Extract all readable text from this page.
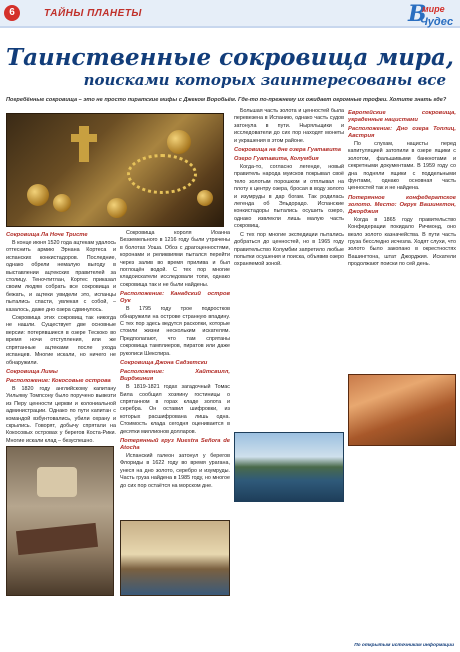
6	ТАЙНЫ ПЛАНЕТЫ	В
мире
Чудес
Таинственные сокровища мира,
поисками которых заинтересованы все
Погребённые сокровища – это не просто пиратские мифы с Джеком Воробьём. Где-то по-прежнему их ожидает огромные трофеи. Хотите знать где?
Сокровища Ла Ноче Тристе

В конце июня 1520 года ацтекам удалось оттеснить армию Эрнана Кортеса и испанских конкистадоров. Последние, однако обрели немалую выгоду в выставлении ацтекских правителей за столицу. Теночтитлан, Кортес приказал своим людям собрать все сокровища и бежать, и ацтеки увидели это, испанцы пытались спасти, увлекая с собой, – казалось, даже дно озера сдвинулось.

Сокровища этих сокровищ так никогда не нашли. Существует две основные версии: потерявшиеся в озере Тескоко во время ночи отступления, или же спрятанные ацтеками после ухода испанцев. Многие искали, но ничего не обнаружили.

Сокровища Лимы
Расположение: Кокосовые острова

В 1820 году английскому капитану Уильяму Томпсону было поручено вывезти из Перу ценности церкви и колониальной администрации. Однако по пути капитан с командой взбунтовались, убили охрану и скрылись. Говорят, добычу спрятали на Кокосовых островах у берегов Коста-Рики. Многие искали клад – безуспешно.

Сокровища короля Иоанна Безземельного в 1216 году были утрачены в болотах Уоша. Обоз с драгоценностями, коронами и реликвиями пытался перейти через залив во время прилива и был поглощён водой. С тех пор многие кладоискатели исследовали топи, однако сокровища так и не были найдены.

Расположение: Канадский остров Оук

В 1795 году трое подростков обнаружили на острове странную впадину. С тех пор здесь ведутся раскопки, которые стоили жизни нескольким искателям. Предполагают, что там спрятаны сокровища тамплиеров, пиратов или даже рукописи Шекспира.

Сокровища Джона Садзетски
Расположение: Хайтсвилл, Вирджиния

В 1819-1821 годах загадочный Томас Била сообщил хозяину гостиницы о спрятанном в горах кладе золота и серебра. Он оставил шифровки, из которых расшифрована лишь одна. Стоимость клада сегодня оценивается в десятки миллионов долларов.

Потерянный груз Nuestra Señora de Atocha

Испанский галеон затонул у берегов Флориды в 1622 году во время урагана, унеся на дно золото, серебро и изумруды. Часть груза найдена в 1985 году, но многое до сих пор остаётся на морском дне.

Большая часть золота и ценностей была перевезена в Испанию, однако часть судов затонула в пути. Ныряльщики и исследователи до сих пор находят монеты и украшения в этом районе.

Сокровища на дне озера Гуатавита
Озеро Гуатавита, Колумбия

Когда-то, согласно легенде, новый правитель народа муисков покрывал своё тело золотым порошком и отплывал на плоту к центру озера, бросая в воду золото и изумруды в дар богам. Так родилась легенда об Эльдорадо. Испанские конкистадоры пытались осушить озеро, однако извлекли лишь малую часть сокровищ.

С тех пор многие экспедиции пытались добраться до ценностей, но в 1965 году правительство Колумбии запретило любые попытки осушения и поиска, объявив озеро охраняемой зоной.

Европейские сокровища, украденные нацистами
Расположение: Дно озера Топлиц, Австрия

По слухам, нацисты перед капитуляцией затопили в озере ящики с золотом, фальшивыми банкнотами и секретными документами. В 1959 году со дна подняли ящики с поддельными фунтами, однако основная часть ценностей так и не найдена.

Потерянное конфедератское золото. Место: Округ Вашингтон, Джорджия

Когда в 1865 году правительство Конфедерации покидало Ричмонд, оно везло золото казначейства. В пути часть груза бесследно исчезла. Ходят слухи, что золото было закопано в окрестностях Вашингтона, штат Джорджия. Искатели продолжают поиски по сей день.

По открытым источникам информации
